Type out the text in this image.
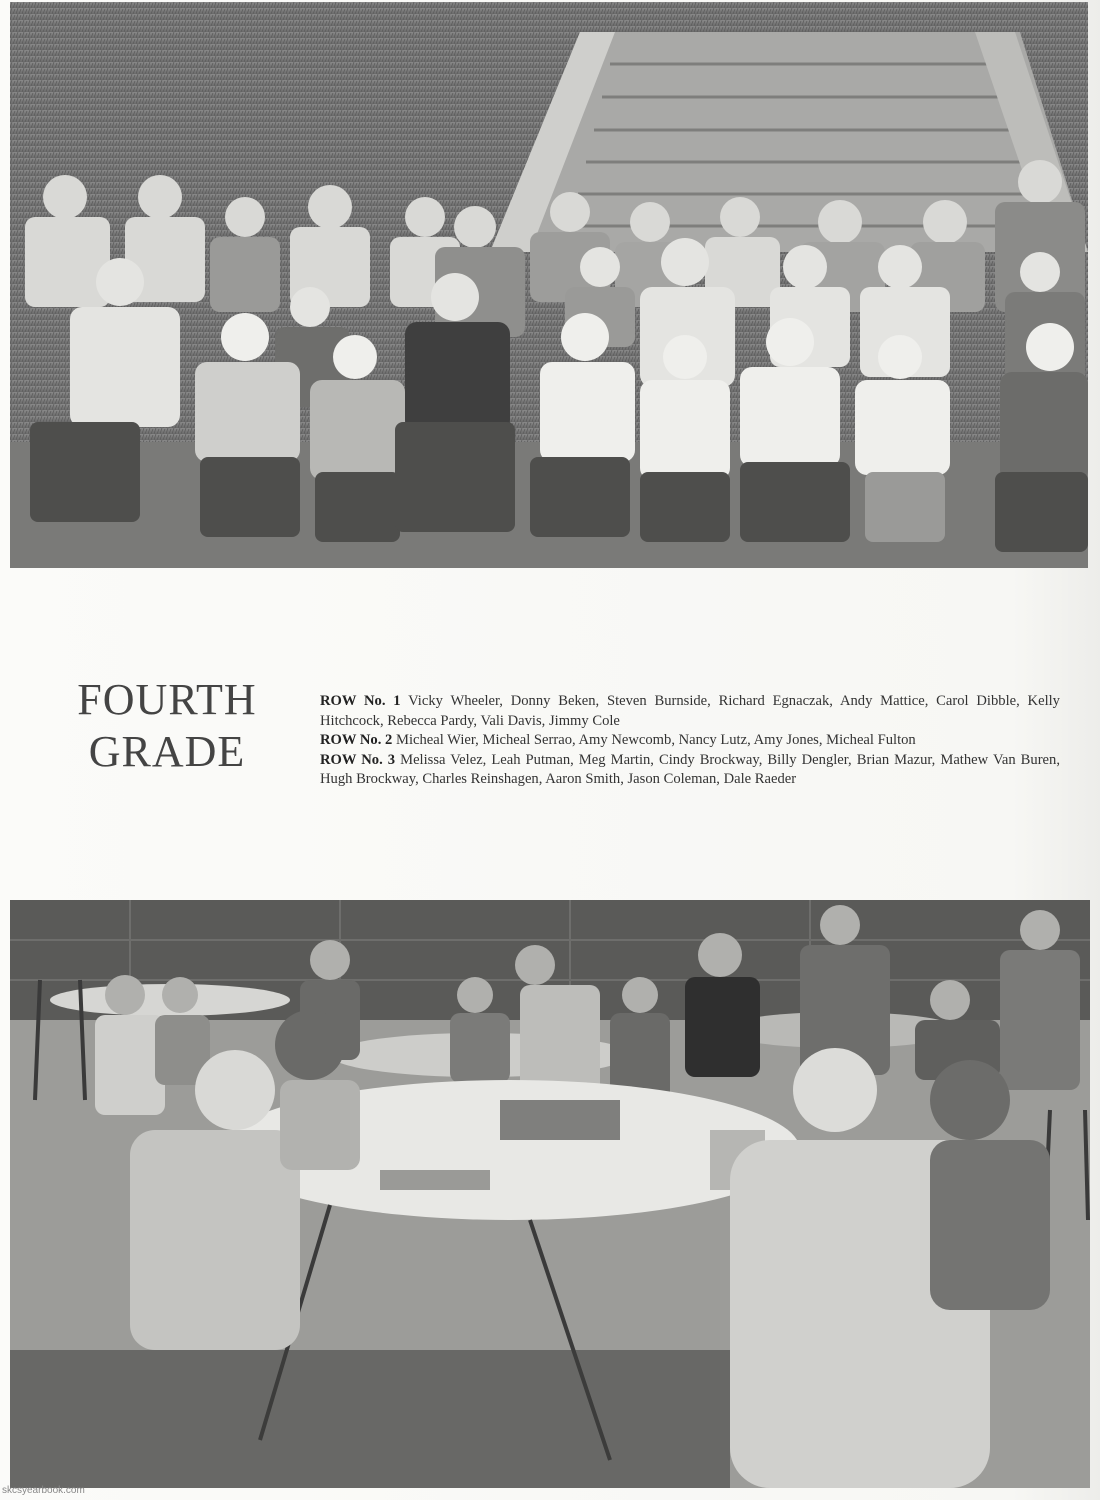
FOURTH
GRADE
ROW No. 1 Vicky Wheeler, Donny Beken, Steven Burnside, Richard Egnaczak, Andy Mattice, Carol Dibble, Kelly Hitchcock, Rebecca Pardy, Vali Davis, Jimmy Cole
ROW No. 2 Micheal Wier, Micheal Serrao, Amy Newcomb, Nancy Lutz, Amy Jones, Micheal Fulton
ROW No. 3 Melissa Velez, Leah Putman, Meg Martin, Cindy Brockway, Billy Dengler, Brian Mazur, Mathew Van Buren, Hugh Brockway, Charles Reinshagen, Aaron Smith, Jason Coleman, Dale Raeder
skcsyearbook.com
